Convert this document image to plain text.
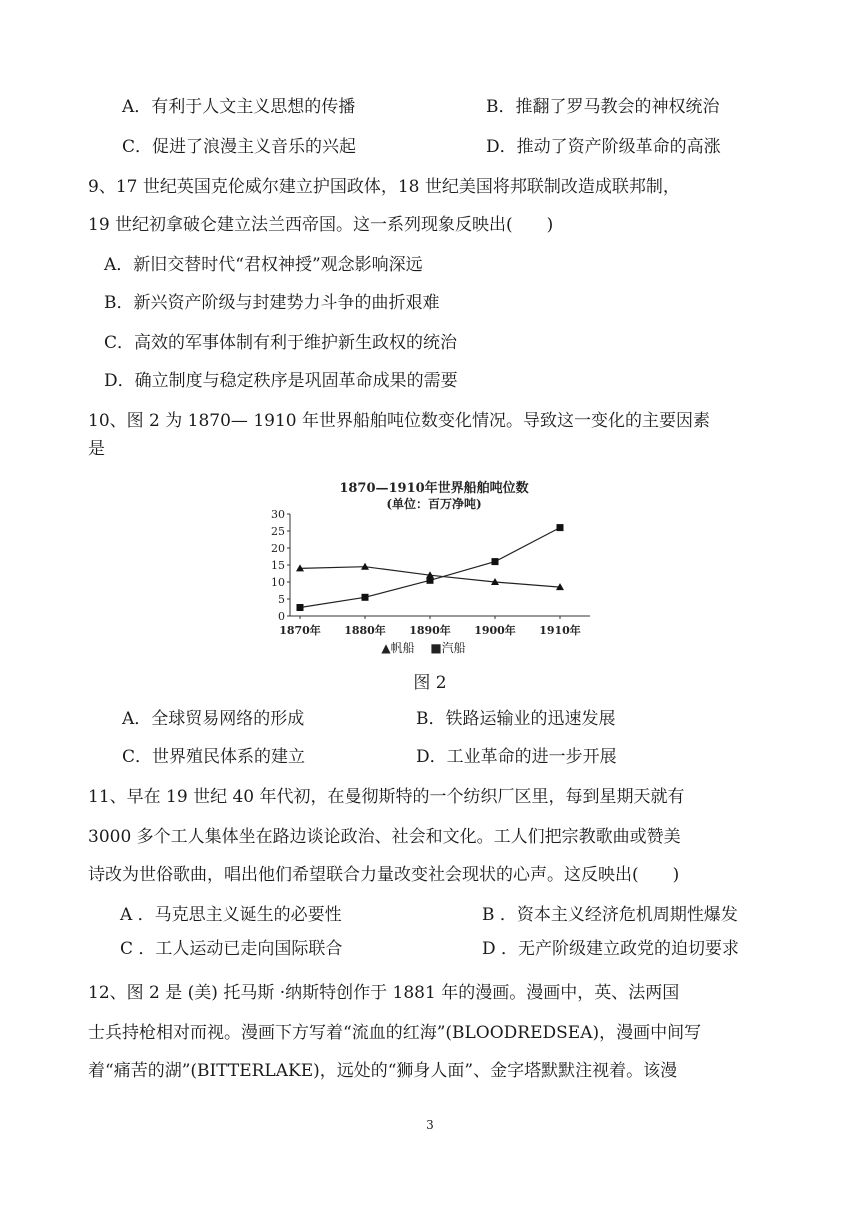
A．有利于人文主义思想的传播	B．推翻了罗马教会的神权统治
C．促进了浪漫主义音乐的兴起	D．推动了资产阶级革命的高涨
9、17 世纪英国克伦威尔建立护国政体，18 世纪美国将邦联制改造成联邦制，
19 世纪初拿破仑建立法兰西帝国。这一系列现象反映出(　　)
A．新旧交替时代“君权神授”观念影响深远
B．新兴资产阶级与封建势力斗争的曲折艰难
C．高效的军事体制有利于维护新生政权的统治
D．确立制度与稳定秩序是巩固革命成果的需要
10、图 2 为 1870— 1910 年世界船舶吨位数变化情况。导致这一变化的主要因素
是
1870—1910年世界船舶吨位数
(单位：百万净吨)
0
5
10
15
20
25
30
1870年 1880年 1890年 1900年 1910年
▲帆船 ■汽船
图 2
A．全球贸易网络的形成	B．铁路运输业的迅速发展
C．世界殖民体系的建立	D．工业革命的进一步开展
11、早在 19 世纪 40 年代初，在曼彻斯特的一个纺织厂区里，每到星期天就有
3000 多个工人集体坐在路边谈论政治、社会和文化。工人们把宗教歌曲或赞美
诗改为世俗歌曲，唱出他们希望联合力量改变社会现状的心声。这反映出(　　)
A ．马克思主义诞生的必要性	B ．资本主义经济危机周期性爆发
C ．工人运动已走向国际联合	D ．无产阶级建立政党的迫切要求
12、图 2 是 (美) 托马斯 ·纳斯特创作于 1881 年的漫画。漫画中，英、法两国
士兵持枪相对而视。漫画下方写着“流血的红海”(BLOODREDSEA)，漫画中间写
着“痛苦的湖”(BITTERLAKE)，远处的“狮身人面”、金字塔默默注视着。该漫
3
